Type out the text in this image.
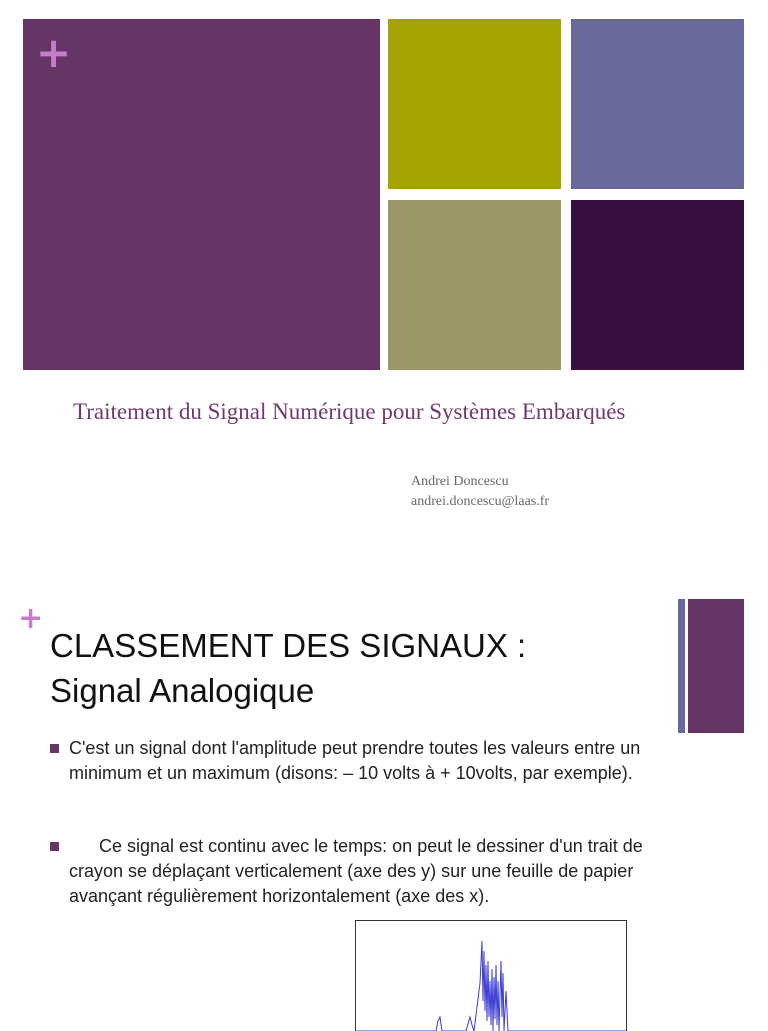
+
Traitement du Signal Numérique pour Systèmes Embarqués
Andrei Doncescu
andrei.doncescu@laas.fr
+
CLASSEMENT DES SIGNAUX :
Signal Analogique
C'est un signal dont l'amplitude peut prendre toutes les valeurs entre un minimum et un maximum (disons: – 10 volts à + 10volts, par exemple).
Ce signal est continu avec le temps: on peut le dessiner d'un trait de crayon se déplaçant verticalement (axe des y) sur une feuille de papier avançant régulièrement horizontalement (axe des x).
